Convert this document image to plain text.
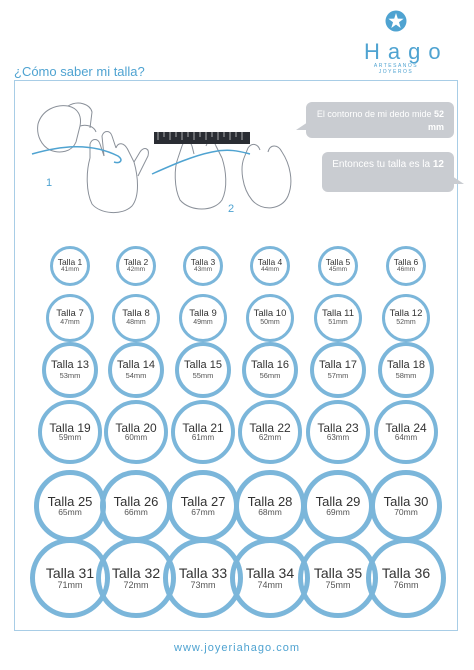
Hago
ARTESANOS JOYEROS
¿Cómo saber mi talla?
1
2
El contorno de mi dedo mide 52 mm
Entonces tu talla es la 12
Talla 1
41mm
Talla 2
42mm
Talla 3
43mm
Talla 4
44mm
Talla 5
45mm
Talla 6
46mm
Talla 7
47mm
Talla 8
48mm
Talla 9
49mm
Talla 10
50mm
Talla 11
51mm
Talla 12
52mm
Talla 13
53mm
Talla 14
54mm
Talla 15
55mm
Talla 16
56mm
Talla 17
57mm
Talla 18
58mm
Talla 19
59mm
Talla 20
60mm
Talla 21
61mm
Talla 22
62mm
Talla 23
63mm
Talla 24
64mm
Talla 25
65mm
Talla 26
66mm
Talla 27
67mm
Talla 28
68mm
Talla 29
69mm
Talla 30
70mm
Talla 31
71mm
Talla 32
72mm
Talla 33
73mm
Talla 34
74mm
Talla 35
75mm
Talla 36
76mm
www.joyeriahago.com
